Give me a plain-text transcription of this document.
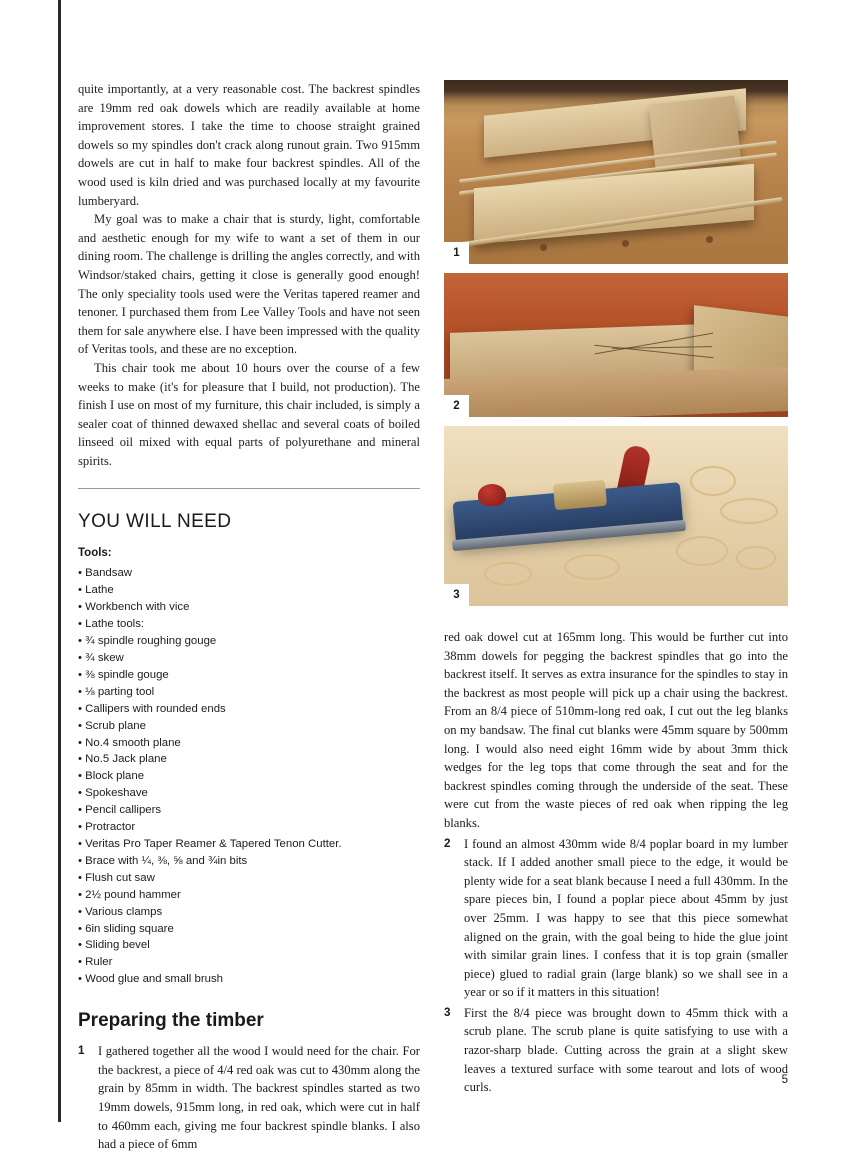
quite importantly, at a very reasonable cost. The backrest spindles are 19mm red oak dowels which are readily available at home improvement stores. I take the time to choose straight grained dowels so my spindles don't crack along runout grain. Two 915mm dowels are cut in half to make four backrest spindles. All of the wood used is kiln dried and was purchased locally at my favourite lumberyard.

My goal was to make a chair that is sturdy, light, comfortable and aesthetic enough for my wife to want a set of them in our dining room. The challenge is drilling the angles correctly, and with Windsor/staked chairs, getting it close is generally good enough! The only speciality tools used were the Veritas tapered reamer and tenoner. I purchased them from Lee Valley Tools and have not seen them for sale anywhere else. I have been impressed with the quality of Veritas tools, and these are no exception.

This chair took me about 10 hours over the course of a few weeks to make (it's for pleasure that I build, not production). The finish I use on most of my furniture, this chair included, is simply a sealer coat of thinned dewaxed shellac and several coats of boiled linseed oil mixed with equal parts of polyurethane and mineral spirits.

YOU WILL NEED
Tools:
• Bandsaw
• Lathe
• Workbench with vice
• Lathe tools:
• ¾ spindle roughing gouge
• ¾ skew
• ⅜ spindle gouge
• ⅛ parting tool
• Callipers with rounded ends
• Scrub plane
• No.4 smooth plane
• No.5 Jack plane
• Block plane
• Spokeshave
• Pencil callipers
• Protractor
• Veritas Pro Taper Reamer & Tapered Tenon Cutter.
• Brace with ¼, ⅜, ⅝ and ¾in bits
• Flush cut saw
• 2½ pound hammer
• Various clamps
• 6in sliding square
• Sliding bevel
• Ruler
• Wood glue and small brush
Preparing the timber
1	I gathered together all the wood I would need for the chair. For the backrest, a piece of 4/4 red oak was cut to 430mm along the grain by 85mm in width. The backrest spindles started as two 19mm dowels, 915mm long, in red oak, which were cut in half to 460mm each, giving me four backrest spindle blanks. I also had a piece of 6mm
1
2
3

red oak dowel cut at 165mm long. This would be further cut into 38mm dowels for pegging the backrest spindles that go into the backrest itself. It serves as extra insurance for the spindles to stay in the backrest as most people will pick up a chair using the backrest. From an 8/4 piece of 510mm-long red oak, I cut out the leg blanks on my bandsaw. The final cut blanks were 45mm square by 500mm long. I would also need eight 16mm wide by about 3mm thick wedges for the leg tops that come through the seat and for the backrest spindles coming through the underside of the seat. These were cut from the waste pieces of red oak when ripping the leg blanks.

2	I found an almost 430mm wide 8/4 poplar board in my lumber stack. If I added another small piece to the edge, it would be plenty wide for a seat blank because I need a full 430mm. In the spare pieces bin, I found a poplar piece about 45mm by just over 25mm. I was happy to see that this piece somewhat aligned on the grain, with the goal being to hide the glue joint with similar grain lines. I confess that it is top grain (smaller piece) glued to radial grain (large blank) so we shall see in a year or so if it matters in this situation!
3	First the 8/4 piece was brought down to 45mm thick with a scrub plane. The scrub plane is quite satisfying to use with a razor-sharp blade. Cutting across the grain at a slight skew leaves a textured surface with some tearout and lots of wood curls.
5
